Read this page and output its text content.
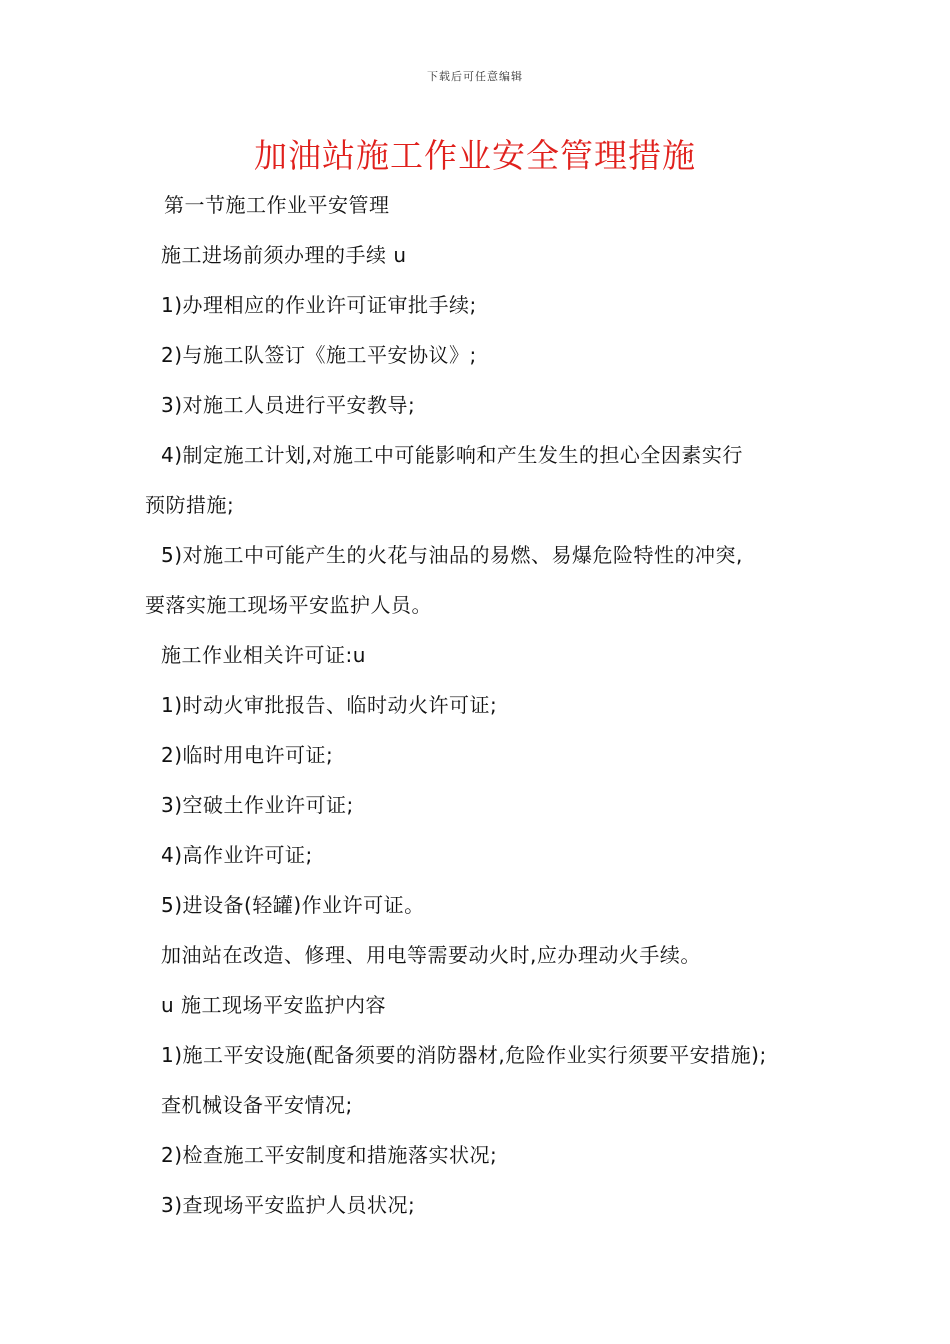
下载后可任意编辑
加油站施工作业安全管理措施
第一节施工作业平安管理
施工进场前须办理的手续 u
1)办理相应的作业许可证审批手续;
2)与施工队签订《施工平安协议》;
3)对施工人员进行平安教导;
4)制定施工计划,对施工中可能影响和产生发生的担心全因素实行
预防措施;
5)对施工中可能产生的火花与油品的易燃、易爆危险特性的冲突,
要落实施工现场平安监护人员。
施工作业相关许可证:u
1)时动火审批报告、临时动火许可证;
2)临时用电许可证;
3)空破土作业许可证;
4)高作业许可证;
5)进设备(轻罐)作业许可证。
加油站在改造、修理、用电等需要动火时,应办理动火手续。
u 施工现场平安监护内容
1)施工平安设施(配备须要的消防器材,危险作业实行须要平安措施);
查机械设备平安情况;
2)检查施工平安制度和措施落实状况;
3)查现场平安监护人员状况;
